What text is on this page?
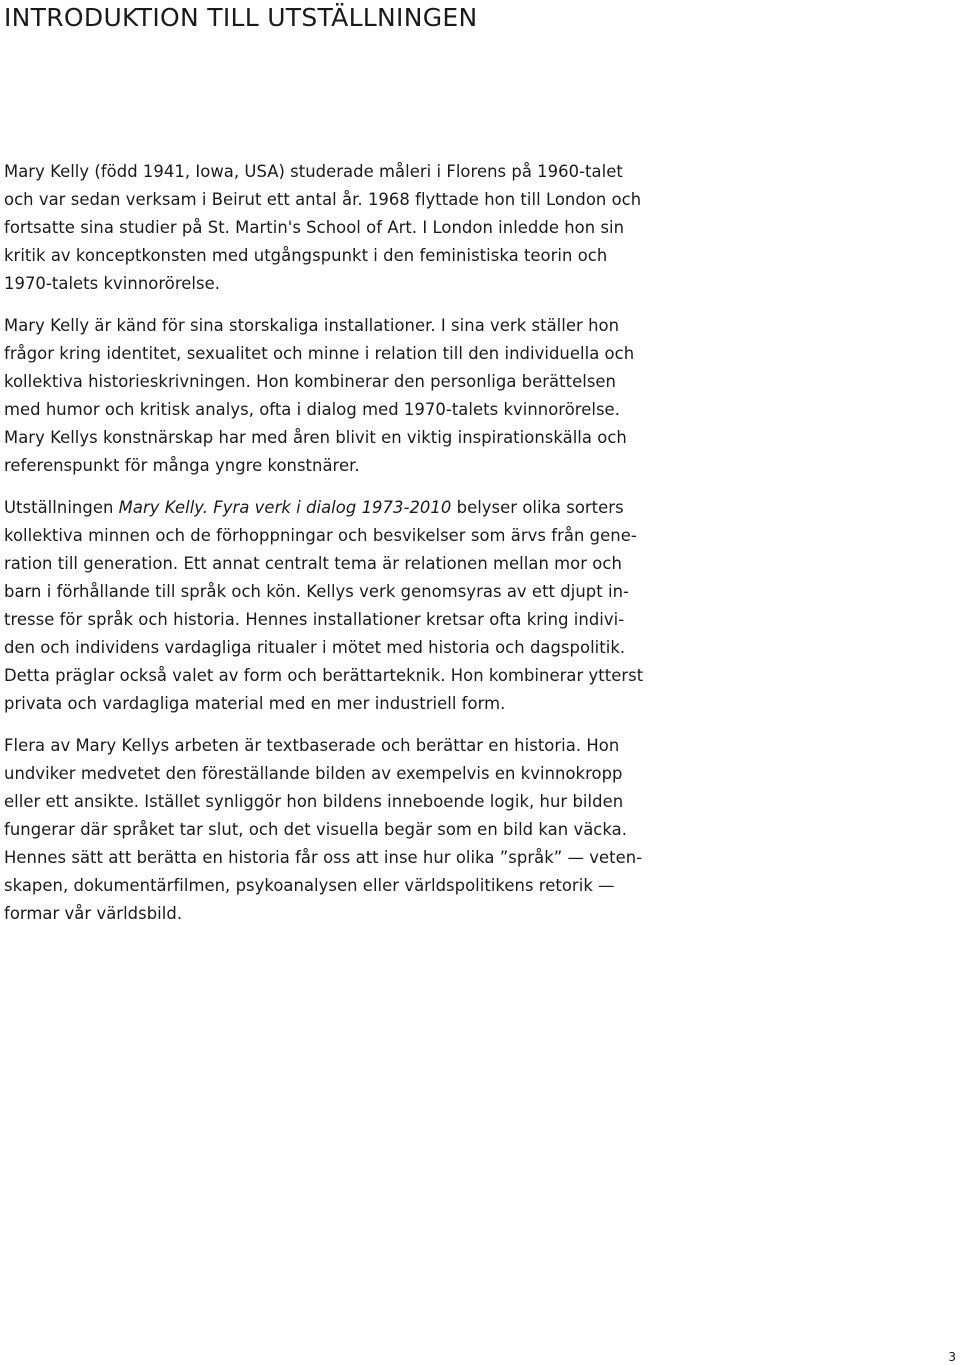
INTRODUKTION TILL UTSTÄLLNINGEN
Mary Kelly (född 1941, Iowa, USA) studerade måleri i Florens på 1960-talet
och var sedan verksam i Beirut ett antal år. 1968 flyttade hon till London och
fortsatte sina studier på St. Martin's School of Art. I London inledde hon sin
kritik av konceptkonsten med utgångspunkt i den feministiska teorin och
1970-talets kvinnorörelse.
Mary Kelly är känd för sina storskaliga installationer. I sina verk ställer hon
frågor kring identitet, sexualitet och minne i relation till den individuella och
kollektiva historieskrivningen. Hon kombinerar den personliga berättelsen
med humor och kritisk analys, ofta i dialog med 1970-talets kvinnorörelse.
Mary Kellys konstnärskap har med åren blivit en viktig inspirationskälla och
referenspunkt för många yngre konstnärer.
Utställningen Mary Kelly. Fyra verk i dialog 1973-2010 belyser olika sorters
kollektiva minnen och de förhoppningar och besvikelser som ärvs från gene-
ration till generation. Ett annat centralt tema är relationen mellan mor och
barn i förhållande till språk och kön. Kellys verk genomsyras av ett djupt in-
tresse för språk och historia. Hennes installationer kretsar ofta kring indivi-
den och individens vardagliga ritualer i mötet med historia och dagspolitik.
Detta präglar också valet av form och berättarteknik. Hon kombinerar ytterst
privata och vardagliga material med en mer industriell form.
Flera av Mary Kellys arbeten är textbaserade och berättar en historia. Hon
undviker medvetet den föreställande bilden av exempelvis en kvinnokropp
eller ett ansikte. Istället synliggör hon bildens inneboende logik, hur bilden
fungerar där språket tar slut, och det visuella begär som en bild kan väcka.
Hennes sätt att berätta en historia får oss att inse hur olika ”språk” — veten-
skapen, dokumentärfilmen, psykoanalysen eller världspolitikens retorik —
formar vår världsbild.
3
